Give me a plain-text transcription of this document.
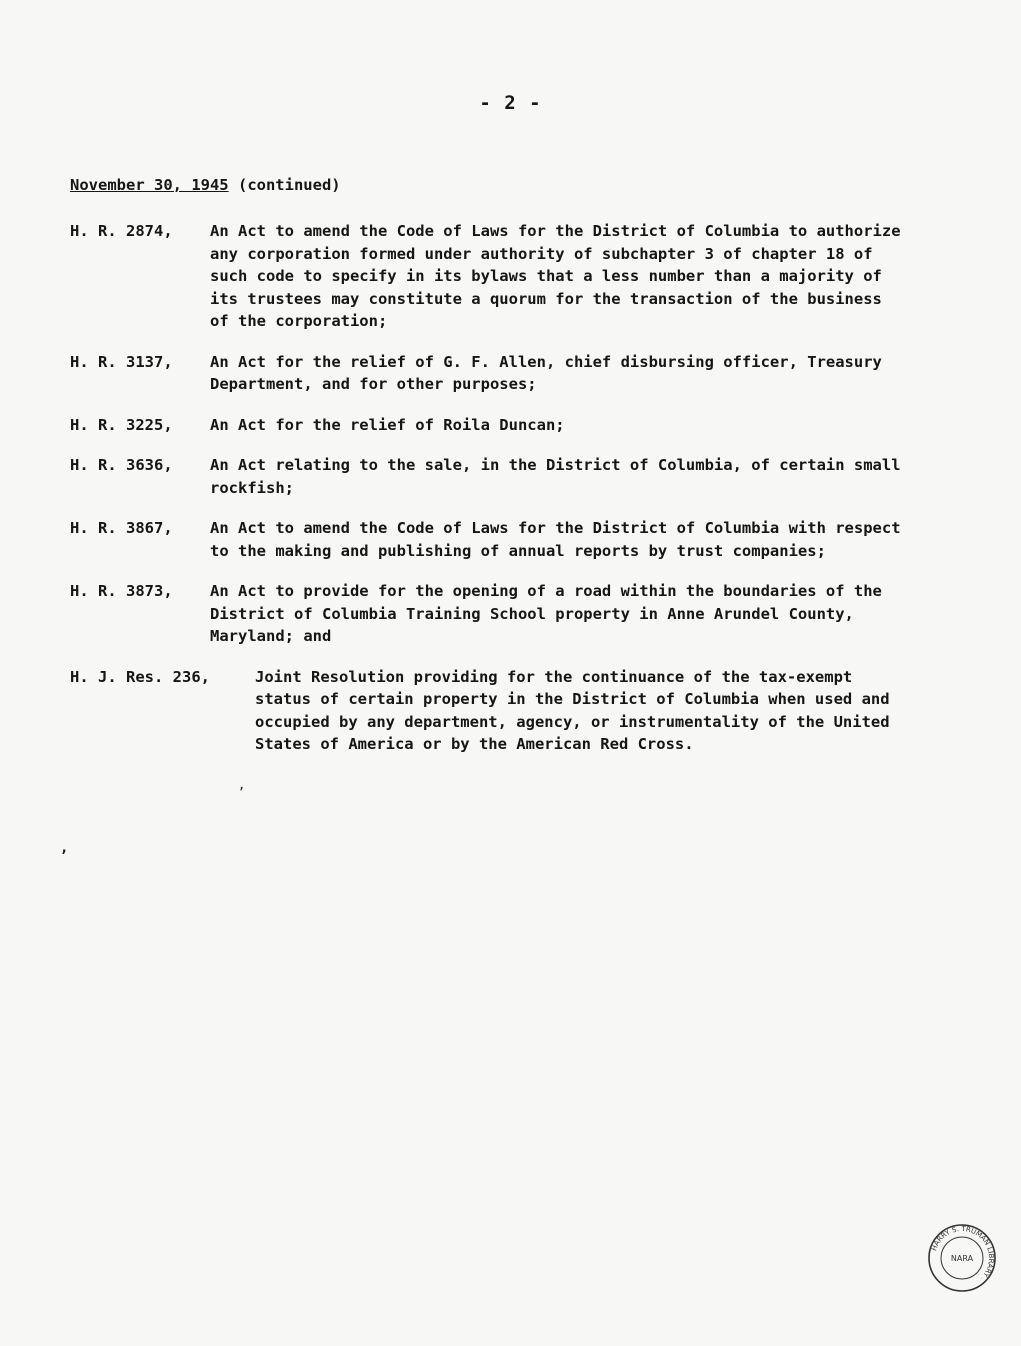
- 2 -
November 30, 1945 (continued)
H. R. 2874,	An Act to amend the Code of Laws for the District of Columbia to authorize
any corporation formed under authority of subchapter 3 of chapter 18 of
such code to specify in its bylaws that a less number than a majority of
its trustees may constitute a quorum for the transaction of the business
of the corporation;
H. R. 3137,	An Act for the relief of G. F. Allen, chief disbursing officer, Treasury
Department, and for other purposes;
H. R. 3225,	An Act for the relief of Roila Duncan;
H. R. 3636,	An Act relating to the sale, in the District of Columbia, of certain small
rockfish;
H. R. 3867,	An Act to amend the Code of Laws for the District of Columbia with respect
to the making and publishing of annual reports by trust companies;
H. R. 3873,	An Act to provide for the opening of a road within the boundaries of the
District of Columbia Training School property in Anne Arundel County,
Maryland; and
H. J. Res. 236,	Joint Resolution providing for the continuance of the tax-exempt
status of certain property in the District of Columbia when used and
occupied by any department, agency, or instrumentality of the United
States of America or by the American Red Cross.
,
,
HARRY S. TRUMAN LIBRARY
NARA
